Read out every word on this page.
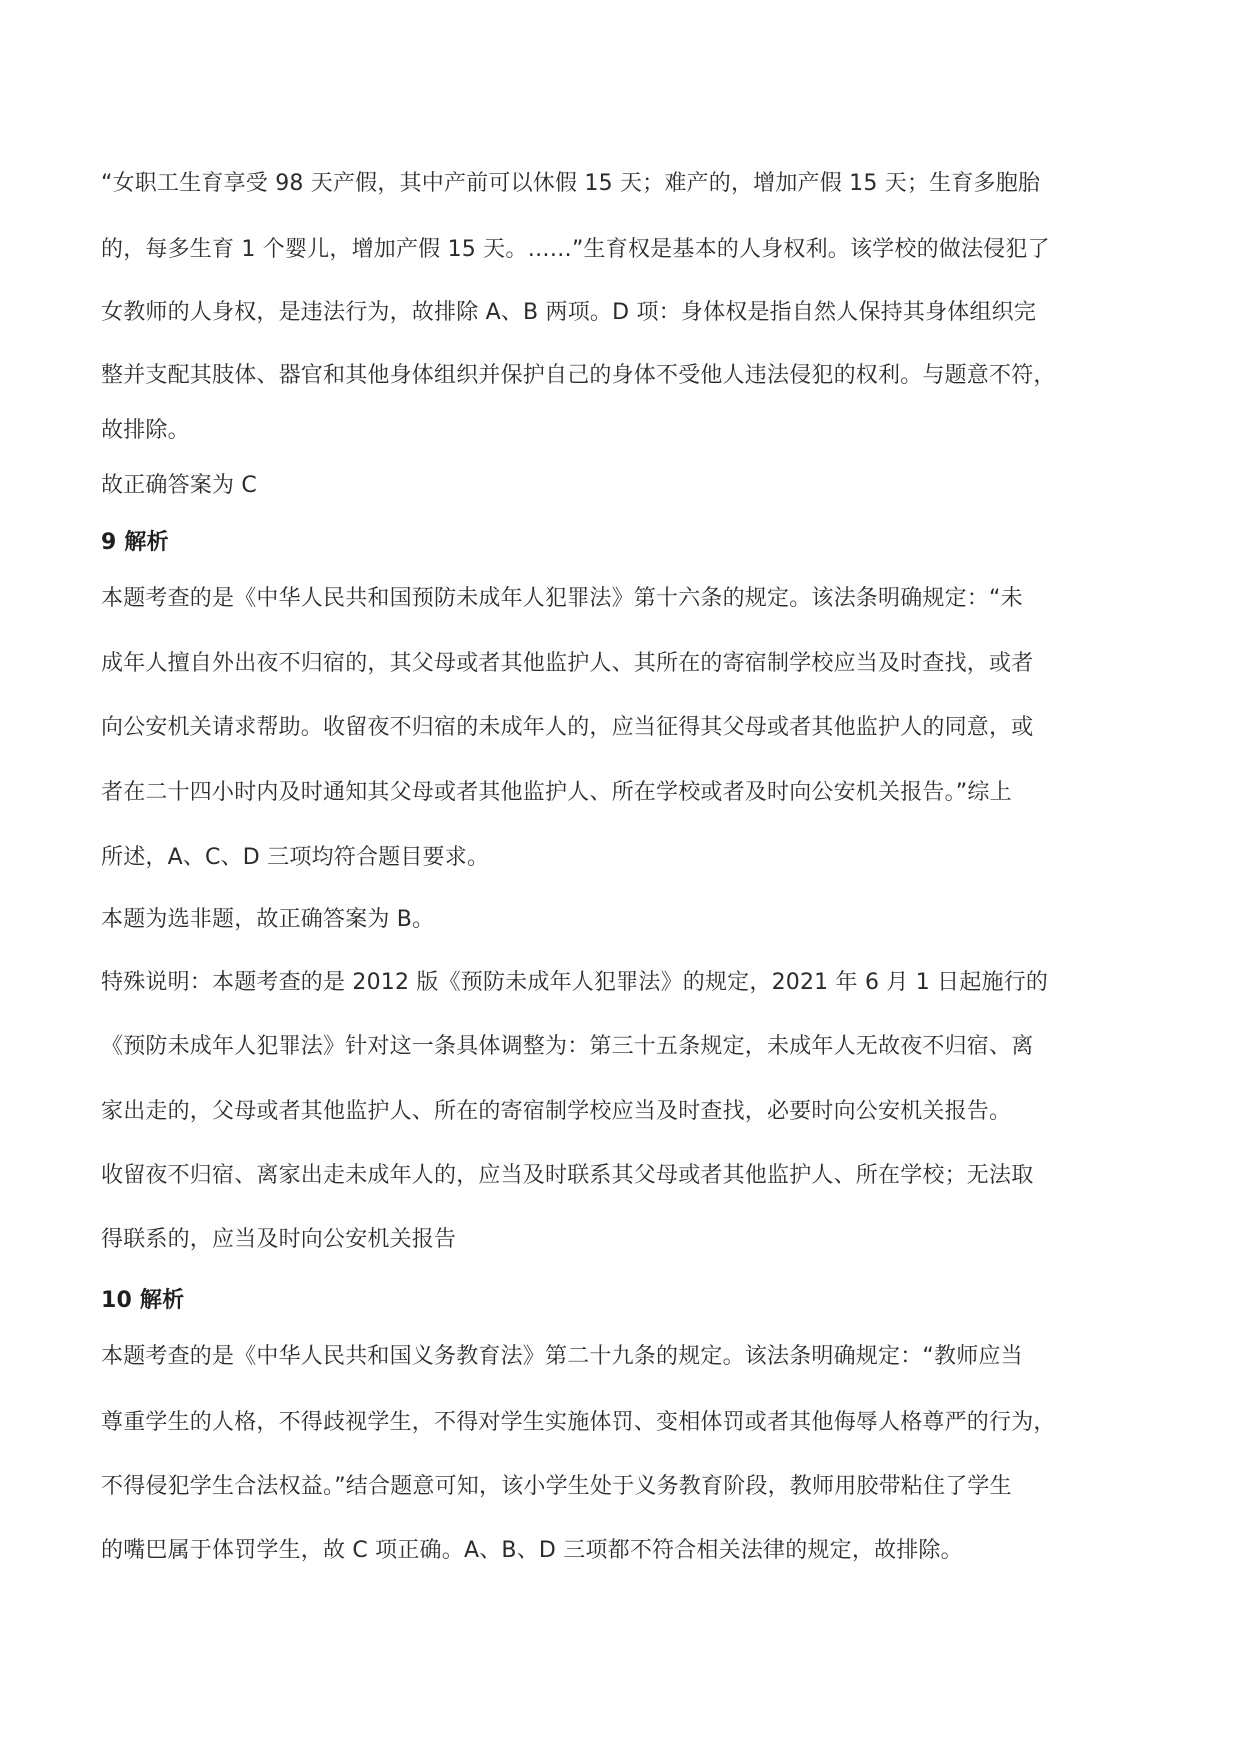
“女职工生育享受 98 天产假，其中产前可以休假 15 天；难产的，增加产假 15 天；生育多胞胎
的，每多生育 1 个婴儿，增加产假 15 天。……”生育权是基本的人身权利。该学校的做法侵犯了
女教师的人身权，是违法行为，故排除 A、B 两项。D 项：身体权是指自然人保持其身体组织完
整并支配其肢体、器官和其他身体组织并保护自己的身体不受他人违法侵犯的权利。与题意不符，
故排除。
故正确答案为 C
9 解析
本题考查的是《中华人民共和国预防未成年人犯罪法》第十六条的规定。该法条明确规定：“未
成年人擅自外出夜不归宿的，其父母或者其他监护人、其所在的寄宿制学校应当及时查找，或者
向公安机关请求帮助。收留夜不归宿的未成年人的，应当征得其父母或者其他监护人的同意，或
者在二十四小时内及时通知其父母或者其他监护人、所在学校或者及时向公安机关报告。”综上
所述，A、C、D 三项均符合题目要求。
本题为选非题，故正确答案为 B。
特殊说明：本题考查的是 2012 版《预防未成年人犯罪法》的规定，2021 年 6 月 1 日起施行的
《预防未成年人犯罪法》针对这一条具体调整为：第三十五条规定，未成年人无故夜不归宿、离
家出走的，父母或者其他监护人、所在的寄宿制学校应当及时查找，必要时向公安机关报告。
收留夜不归宿、离家出走未成年人的，应当及时联系其父母或者其他监护人、所在学校；无法取
得联系的，应当及时向公安机关报告
10 解析
本题考查的是《中华人民共和国义务教育法》第二十九条的规定。该法条明确规定：“教师应当
尊重学生的人格，不得歧视学生，不得对学生实施体罚、变相体罚或者其他侮辱人格尊严的行为，
不得侵犯学生合法权益。”结合题意可知，该小学生处于义务教育阶段，教师用胶带粘住了学生
的嘴巴属于体罚学生，故 C 项正确。A、B、D 三项都不符合相关法律的规定，故排除。
